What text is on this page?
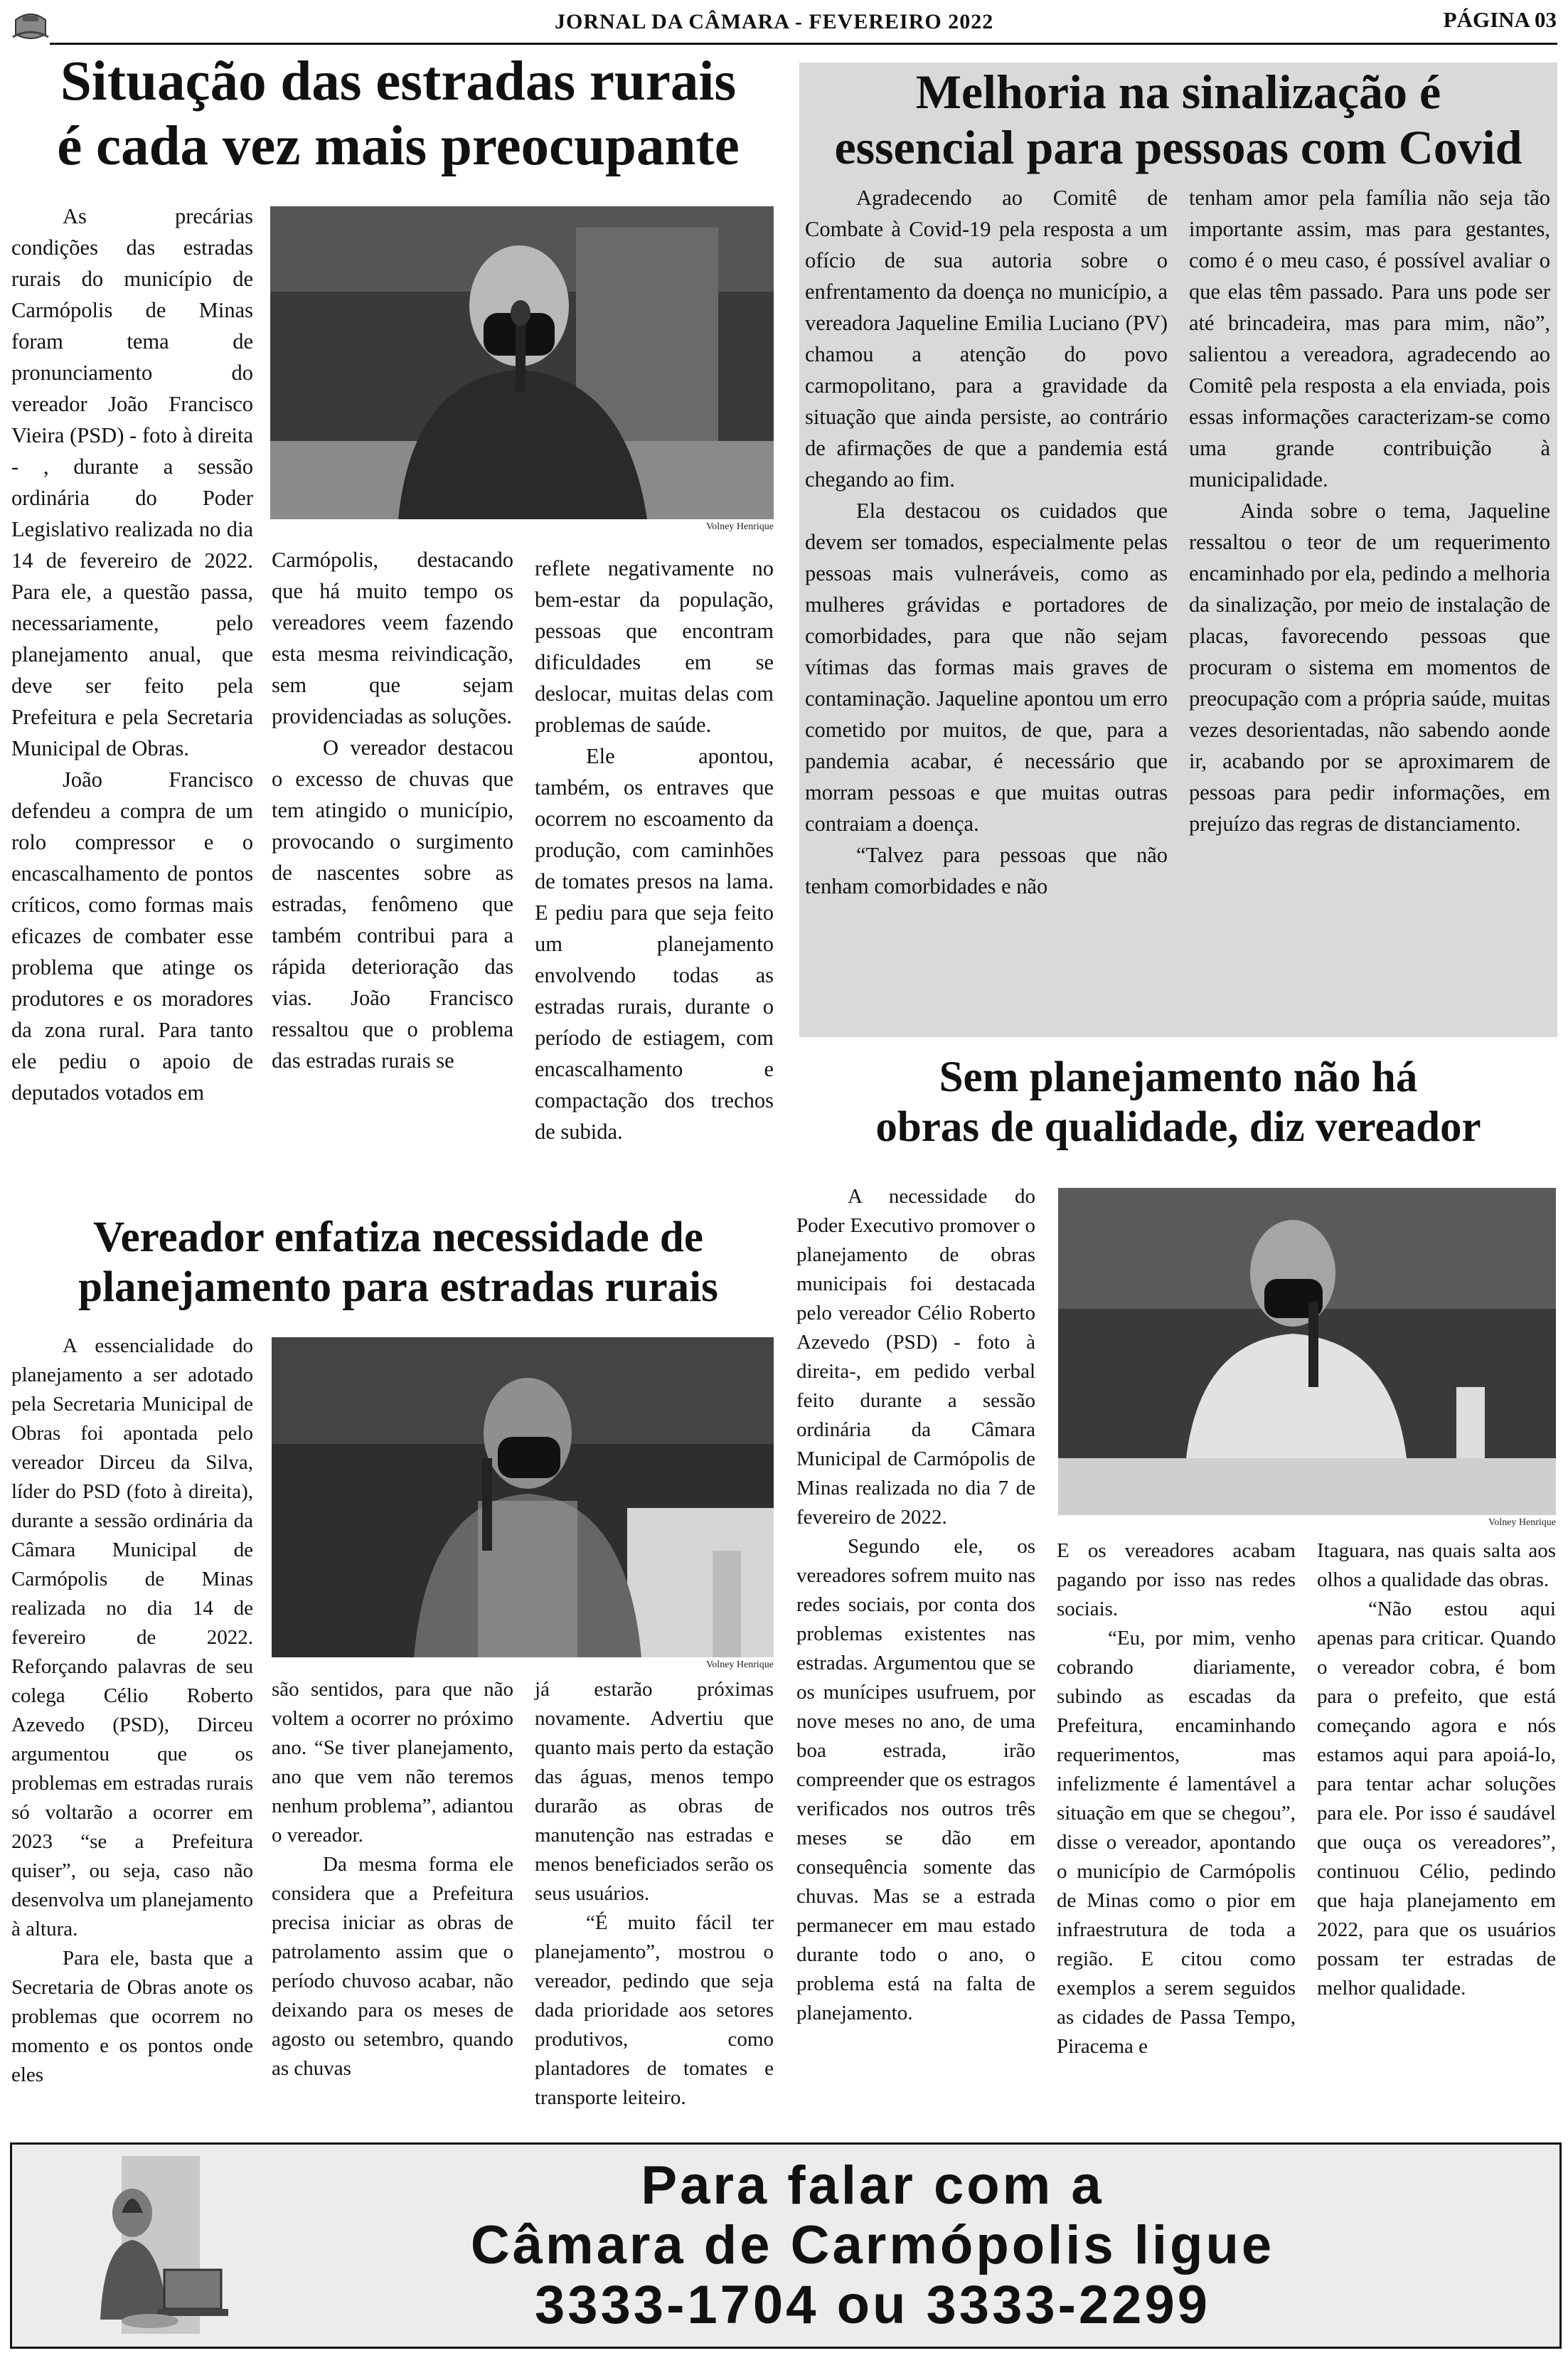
JORNAL DA CÂMARA - FEVEREIRO 2022	PÁGINA 03
Situação das estradas rurais
é cada vez mais preocupante
Volney Henrique

As precárias condições das estradas rurais do município de Carmópolis de Minas foram tema de pronunciamento do vereador João Francisco Vieira (PSD) - foto à direita - , durante a sessão ordinária do Poder Legislativo realizada no dia 14 de fevereiro de 2022. Para ele, a questão passa, necessariamente, pelo planejamento anual, que deve ser feito pela Prefeitura e pela Secretaria Municipal de Obras.

João Francisco defendeu a compra de um rolo compressor e o encascalhamento de pontos críticos, como formas mais eficazes de combater esse problema que atinge os produtores e os moradores da zona rural. Para tanto ele pediu o apoio de deputados votados em

Carmópolis, destacando que há muito tempo os vereadores veem fazendo esta mesma reivindicação, sem que sejam providenciadas as soluções.

O vereador destacou o excesso de chuvas que tem atingido o município, provocando o surgimento de nascentes sobre as estradas, fenômeno que também contribui para a rápida deterioração das vias. João Francisco ressaltou que o problema das estradas rurais se

reflete negativamente no bem-estar da população, pessoas que encontram dificuldades em se deslocar, muitas delas com problemas de saúde.

Ele apontou, também, os entraves que ocorrem no escoamento da produção, com caminhões de tomates presos na lama. E pediu para que seja feito um planejamento envolvendo todas as estradas rurais, durante o período de estiagem, com encascalhamento e compactação dos trechos de subida.

Melhoria na sinalização é
essencial para pessoas com Covid

Agradecendo ao Comitê de Combate à Covid-19 pela resposta a um ofício de sua autoria sobre o enfrentamento da doença no município, a vereadora Jaqueline Emilia Luciano (PV) chamou a atenção do povo carmopolitano, para a gravidade da situação que ainda persiste, ao contrário de afirmações de que a pandemia está chegando ao fim.

Ela destacou os cuidados que devem ser tomados, especialmente pelas pessoas mais vulneráveis, como as mulheres grávidas e portadores de comorbidades, para que não sejam vítimas das formas mais graves de contaminação. Jaqueline apontou um erro cometido por muitos, de que, para a pandemia acabar, é necessário que morram pessoas e que muitas outras contraiam a doença.

“Talvez para pessoas que não tenham comorbidades e não

tenham amor pela família não seja tão importante assim, mas para gestantes, como é o meu caso, é possível avaliar o que elas têm passado. Para uns pode ser até brincadeira, mas para mim, não”, salientou a vereadora, agradecendo ao Comitê pela resposta a ela enviada, pois essas informações caracterizam-se como uma grande contribuição à municipalidade.

Ainda sobre o tema, Jaqueline ressaltou o teor de um requerimento encaminhado por ela, pedindo a melhoria da sinalização, por meio de instalação de placas, favorecendo pessoas que procuram o sistema em momentos de preocupação com a própria saúde, muitas vezes desorientadas, não sabendo aonde ir, acabando por se aproximarem de pessoas para pedir informações, em prejuízo das regras de distanciamento.

Vereador enfatiza necessidade de
planejamento para estradas rurais
Volney Henrique

A essencialidade do planejamento a ser adotado pela Secretaria Municipal de Obras foi apontada pelo vereador Dirceu da Silva, líder do PSD (foto à direita), durante a sessão ordinária da Câmara Municipal de Carmópolis de Minas realizada no dia 14 de fevereiro de 2022. Reforçando palavras de seu colega Célio Roberto Azevedo (PSD), Dirceu argumentou que os problemas em estradas rurais só voltarão a ocorrer em 2023 “se a Prefeitura quiser”, ou seja, caso não desenvolva um planejamento à altura.

Para ele, basta que a Secretaria de Obras anote os problemas que ocorrem no momento e os pontos onde eles

são sentidos, para que não voltem a ocorrer no próximo ano. “Se tiver planejamento, ano que vem não teremos nenhum problema”, adiantou o vereador.

Da mesma forma ele considera que a Prefeitura precisa iniciar as obras de patrolamento assim que o período chuvoso acabar, não deixando para os meses de agosto ou setembro, quando as chuvas

já estarão próximas novamente. Advertiu que quanto mais perto da estação das águas, menos tempo durarão as obras de manutenção nas estradas e menos beneficiados serão os seus usuários.

“É muito fácil ter planejamento”, mostrou o vereador, pedindo que seja dada prioridade aos setores produtivos, como plantadores de tomates e transporte leiteiro.

Sem planejamento não há
obras de qualidade, diz vereador
Volney Henrique

A necessidade do Poder Executivo promover o planejamento de obras municipais foi destacada pelo vereador Célio Roberto Azevedo (PSD) - foto à direita-, em pedido verbal feito durante a sessão ordinária da Câmara Municipal de Carmópolis de Minas realizada no dia 7 de fevereiro de 2022.

Segundo ele, os vereadores sofrem muito nas redes sociais, por conta dos problemas existentes nas estradas. Argumentou que se os munícipes usufruem, por nove meses no ano, de uma boa estrada, irão compreender que os estragos verificados nos outros três meses se dão em consequência somente das chuvas. Mas se a estrada permanecer em mau estado durante todo o ano, o problema está na falta de planejamento.

E os vereadores acabam pagando por isso nas redes sociais.

“Eu, por mim, venho cobrando diariamente, subindo as escadas da Prefeitura, encaminhando requerimentos, mas infelizmente é lamentável a situação em que se chegou”, disse o vereador, apontando o município de Carmópolis de Minas como o pior em infraestrutura de toda a região. E citou como exemplos a serem seguidos as cidades de Passa Tempo, Piracema e

Itaguara, nas quais salta aos olhos a qualidade das obras.

“Não estou aqui apenas para criticar. Quando o vereador cobra, é bom para o prefeito, que está começando agora e nós estamos aqui para apoiá-lo, para tentar achar soluções para ele. Por isso é saudável que ouça os vereadores”, continuou Célio, pedindo que haja planejamento em 2022, para que os usuários possam ter estradas de melhor qualidade.

Para falar com a
Câmara de Carmópolis ligue
3333-1704 ou 3333-2299
